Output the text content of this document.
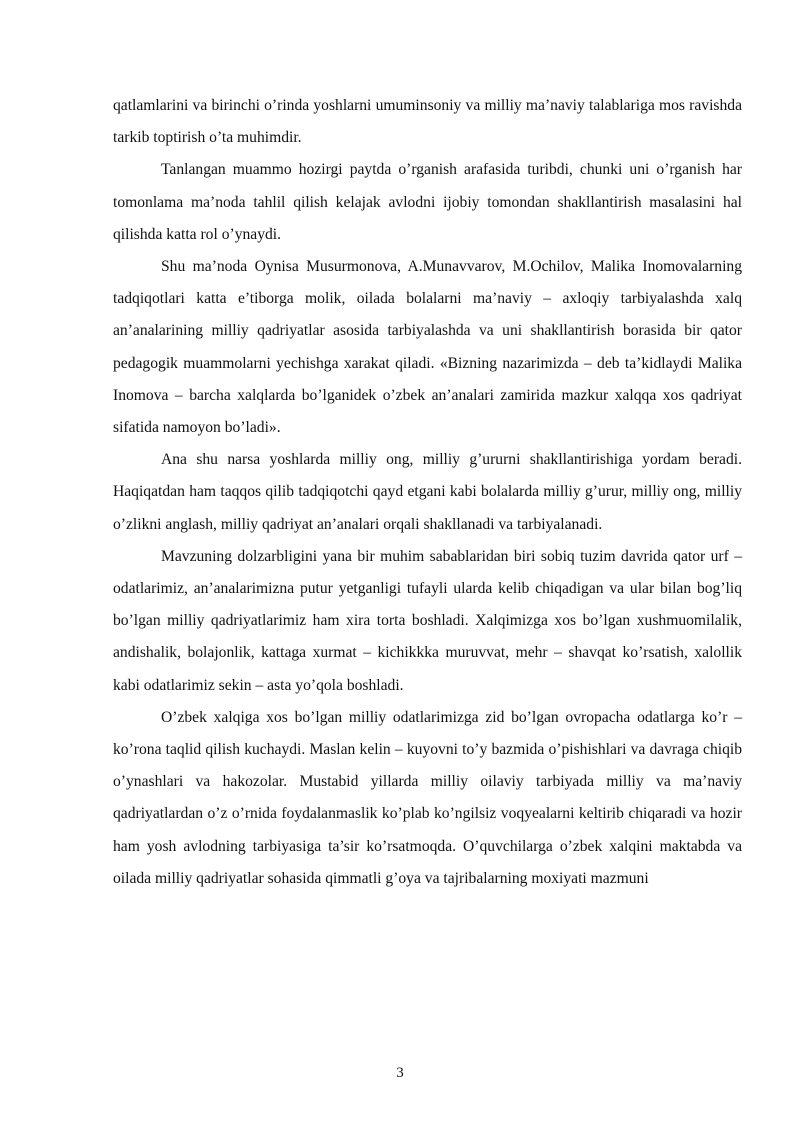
qatlamlarini va birinchi o’rinda yoshlarni umuminsoniy va milliy ma’naviy talablariga mos ravishda tarkib toptirish o’ta muhimdir.

Tanlangan muammo hozirgi paytda o’rganish arafasida turibdi, chunki uni o’rganish har tomonlama ma’noda tahlil qilish kelajak avlodni ijobiy tomondan shakllantirish masalasini hal qilishda katta rol o’ynaydi.

Shu ma’noda Oynisa Musurmonova, A.Munavvarov, M.Ochilov, Malika Inomovalarning tadqiqotlari katta e’tiborga molik, oilada bolalarni ma’naviy – axloqiy tarbiyalashda xalq an’analarining milliy qadriyatlar asosida tarbiyalashda va uni shakllantirish borasida bir qator pedagogik muammolarni yechishga xarakat qiladi. «Bizning nazarimizda – deb ta’kidlaydi Malika Inomova – barcha xalqlarda bo’lganidek o’zbek an’analari zamirida mazkur xalqqa xos qadriyat sifatida namoyon bo’ladi».

Ana shu narsa yoshlarda milliy ong, milliy g’ururni shakllantirishiga yordam beradi. Haqiqatdan ham taqqos qilib tadqiqotchi qayd etgani kabi bolalarda milliy g’urur, milliy ong, milliy o’zlikni anglash, milliy qadriyat an’analari orqali shakllanadi va tarbiyalanadi.

Mavzuning dolzarbligini yana bir muhim sabablaridan biri sobiq tuzim davrida qator urf – odatlarimiz, an’analarimizna putur yetganligi tufayli ularda kelib chiqadigan va ular bilan bog’liq bo’lgan milliy qadriyatlarimiz ham xira torta boshladi. Xalqimizga xos bo’lgan xushmuomilalik, andishalik, bolajonlik, kattaga xurmat – kichikkka muruvvat, mehr – shavqat ko’rsatish, xalollik kabi odatlarimiz sekin – asta yo’qola boshladi.

O’zbek xalqiga xos bo’lgan milliy odatlarimizga zid bo’lgan ovropacha odatlarga ko’r – ko’rona taqlid qilish kuchaydi. Maslan kelin – kuyovni to’y bazmida o’pishishlari va davraga chiqib o’ynashlari va hakozolar. Mustabid yillarda milliy oilaviy tarbiyada milliy va ma’naviy qadriyatlardan o’z o’rnida foydalanmaslik ko’plab ko’ngilsiz voqyealarni keltirib chiqaradi va hozir ham yosh avlodning tarbiyasiga ta’sir ko’rsatmoqda. O’quvchilarga o’zbek xalqini maktabda va oilada milliy qadriyatlar sohasida qimmatli g’oya va tajribalarning moxiyati mazmuni

3
